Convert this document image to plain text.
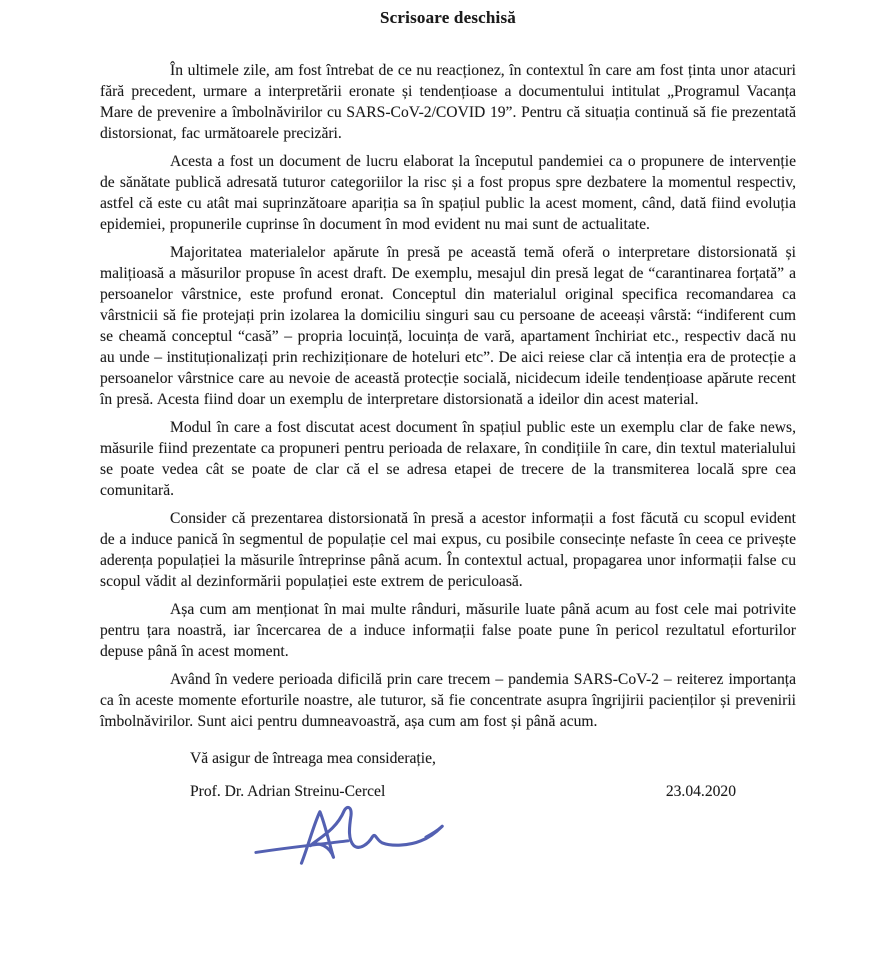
Scrisoare deschisă

În ultimele zile, am fost întrebat de ce nu reacționez, în contextul în care am fost ținta unor atacuri fără precedent, urmare a interpretării eronate și tendențioase a documentului intitulat „Programul Vacanța Mare de prevenire a îmbolnăvirilor cu SARS-CoV-2/COVID 19”. Pentru că situația continuă să fie prezentată distorsionat, fac următoarele precizări.

Acesta a fost un document de lucru elaborat la începutul pandemiei ca o propunere de intervenție de sănătate publică adresată tuturor categoriilor la risc și a fost propus spre dezbatere la momentul respectiv, astfel că este cu atât mai suprinzătoare apariția sa în spațiul public la acest moment, când, dată fiind evoluția epidemiei, propunerile cuprinse în document în mod evident nu mai sunt de actualitate.

Majoritatea materialelor apărute în presă pe această temă oferă o interpretare distorsionată și malițioasă a măsurilor propuse în acest draft. De exemplu, mesajul din presă legat de “carantinarea forțată” a persoanelor vârstnice, este profund eronat. Conceptul din materialul original specifica recomandarea ca vârstnicii să fie protejați prin izolarea la domiciliu singuri sau cu persoane de aceeași vârstă: “indiferent cum se cheamă conceptul “casă” – propria locuință, locuința de vară, apartament închiriat etc., respectiv dacă nu au unde – instituționalizați prin rechiziționare de hoteluri etc”. De aici reiese clar că intenția era de protecție a persoanelor vârstnice care au nevoie de această protecție socială, nicidecum ideile tendențioase apărute recent în presă. Acesta fiind doar un exemplu de interpretare distorsionată a ideilor din acest material.

Modul în care a fost discutat acest document în spațiul public este un exemplu clar de fake news, măsurile fiind prezentate ca propuneri pentru perioada de relaxare, în condițiile în care, din textul materialului se poate vedea cât se poate de clar că el se adresa etapei de trecere de la transmiterea locală spre cea comunitară.

Consider că prezentarea distorsionată în presă a acestor informații a fost făcută cu scopul evident de a induce panică în segmentul de populație cel mai expus, cu posibile consecințe nefaste în ceea ce privește aderența populației la măsurile întreprinse până acum. În contextul actual, propagarea unor informații false cu scopul vădit al dezinformării populației este extrem de periculoasă.

Așa cum am menționat în mai multe rânduri, măsurile luate până acum au fost cele mai potrivite pentru țara noastră, iar încercarea de a induce informații false poate pune în pericol rezultatul eforturilor depuse până în acest moment.

Având în vedere perioada dificilă prin care trecem – pandemia SARS-CoV-2 – reiterez importanța ca în aceste momente eforturile noastre, ale tuturor, să fie concentrate asupra îngrijirii pacienților și prevenirii îmbolnăvirilor. Sunt aici pentru dumneavoastră, așa cum am fost și până acum.

Vă asigur de întreaga mea considerație,
Prof. Dr. Adrian Streinu-Cercel	23.04.2020
